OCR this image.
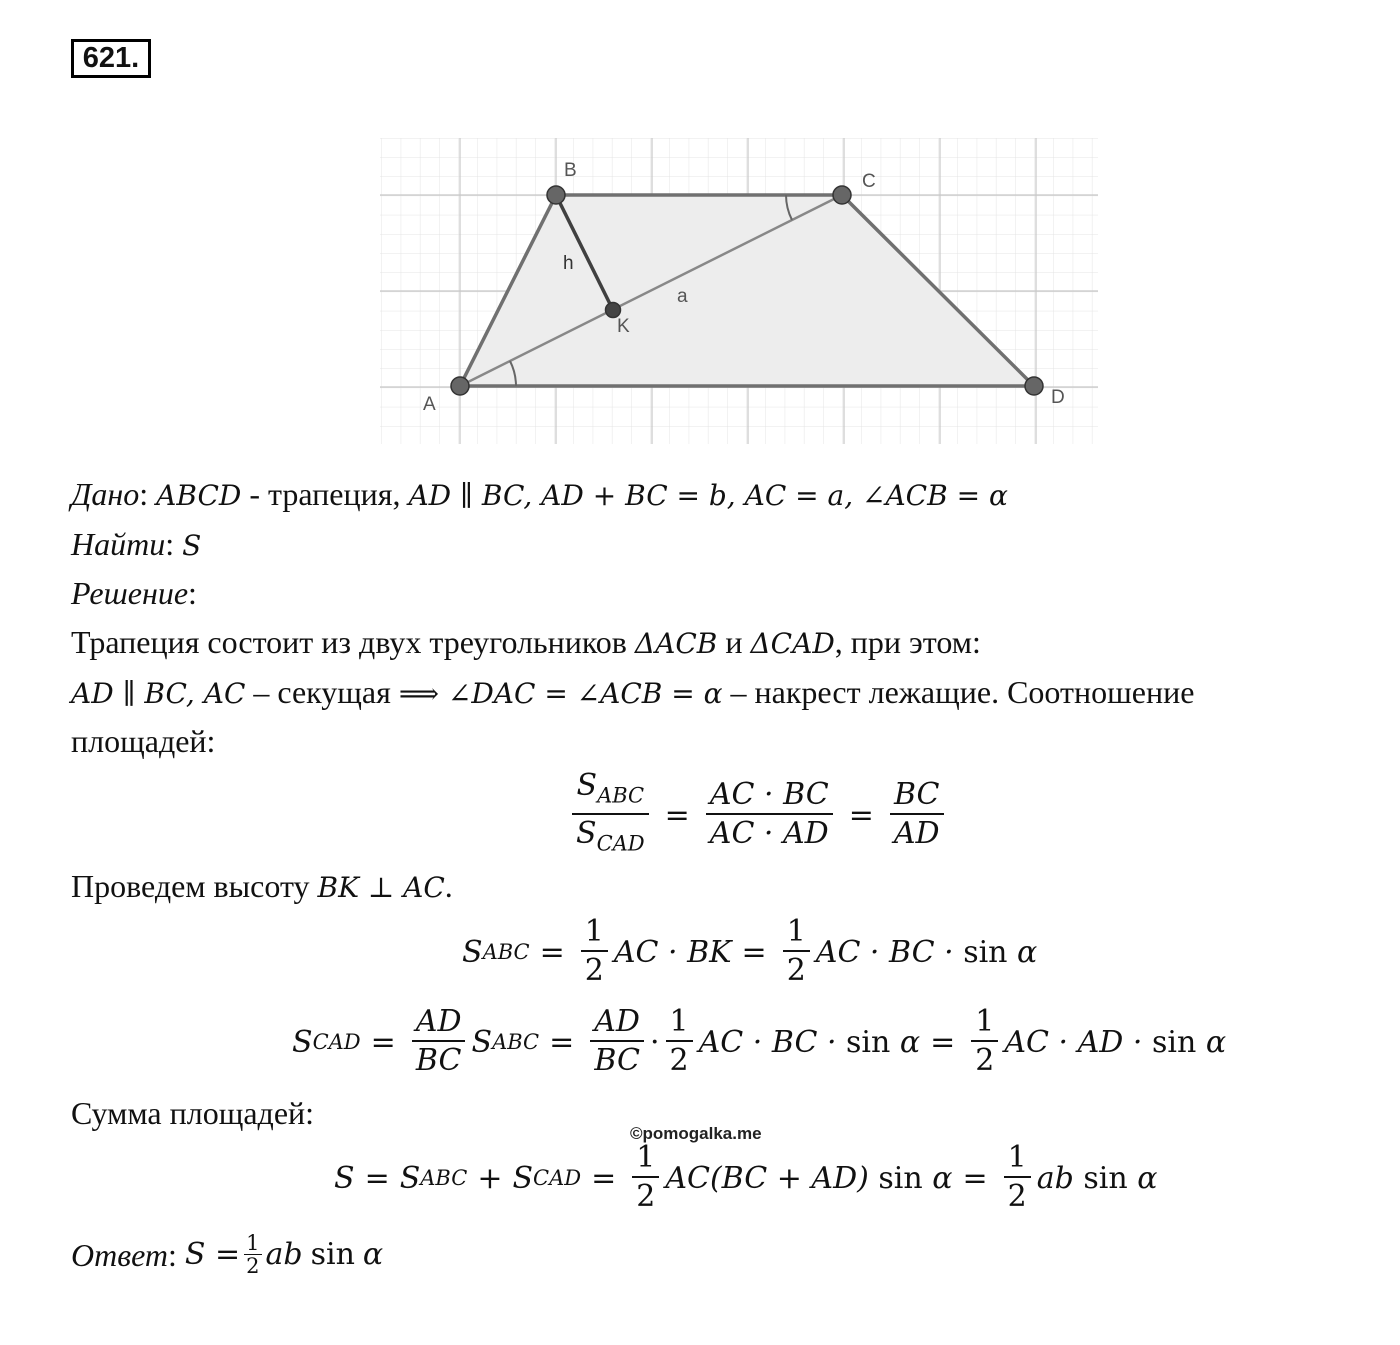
621.
A
B
C
D
K
h
a
Дано: ABCD - трапеция, AD ∥ BC, AD + BC = b, AC = a, ∠ACB = α
Найти: S
Решение:
Трапеция состоит из двух треугольников ΔACB и ΔCAD, при этом:
AD ∥ BC, AC – секущая ⟹ ∠DAC = ∠ACB = α – накрест лежащие. Соотношение
площадей:
$\frac{S_{ABC}}{S_{CAD}} = \frac{AC \cdot BC}{AC \cdot AD} = \frac{BC}{AD}$
Проведем высоту BK ⊥ AC.
S ABC = $\frac{1}{2}$ AC · BK = $\frac{1}{2}$ AC · BC ·
sin
α
S CAD = $\frac{AD}{BC}$ S ABC = $\frac{AD}{BC} \cdot \frac{1}{2}$ AC · BC ·
sin
$\alpha = \frac{1}{2}$ AC · AD ·
sin
α
Сумма площадей:
©pomogalka.me
S = S ABC + S CAD = $\frac{1}{2} AC(BC + AD)$
sin
$\alpha = \frac{1}{2}$ ab
sin
α
Ответ :
$S = \frac{1}{2}$ ab
sin
α
